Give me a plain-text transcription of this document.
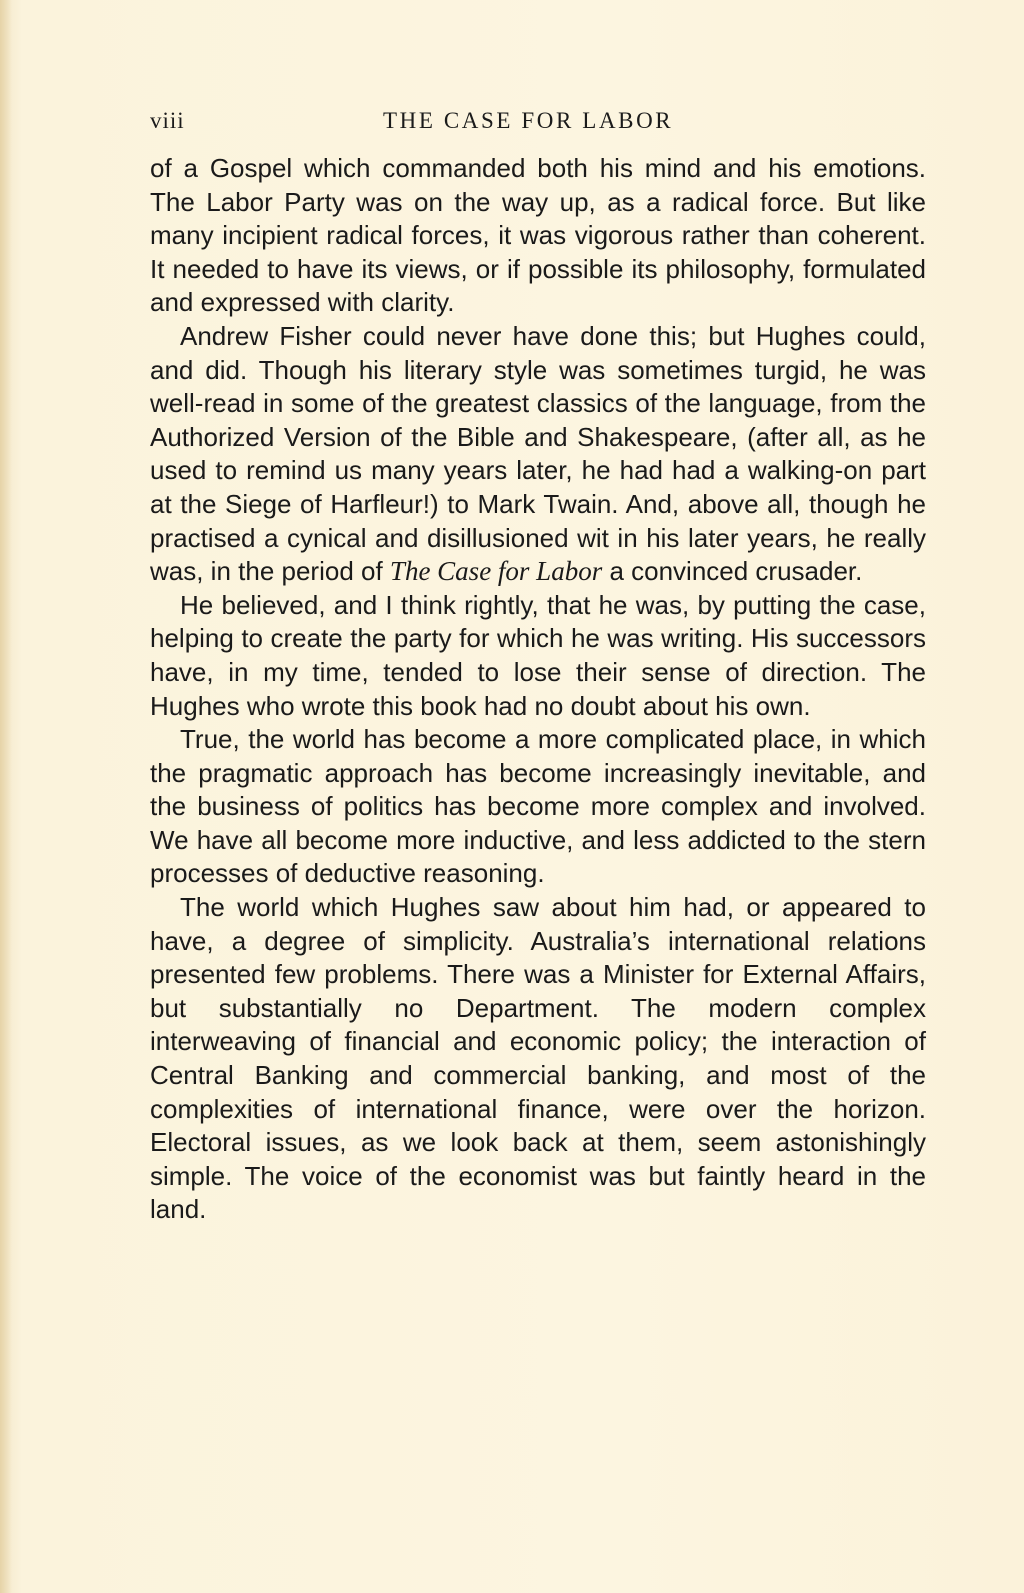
viii	THE CASE FOR LABOR

of a Gospel which commanded both his mind and his emotions. The Labor Party was on the way up, as a radical force. But like many incipient radical forces, it was vigorous rather than coherent. It needed to have its views, or if possible its philosophy, formulated and expressed with clarity.

Andrew Fisher could never have done this; but Hughes could, and did. Though his literary style was sometimes turgid, he was well-read in some of the greatest classics of the language, from the Authorized Version of the Bible and Shakespeare, (after all, as he used to remind us many years later, he had had a walking-on part at the Siege of Harfleur!) to Mark Twain. And, above all, though he practised a cynical and disillusioned wit in his later years, he really was, in the period of The Case for Labor a convinced crusader.

He believed, and I think rightly, that he was, by putting the case, helping to create the party for which he was writing. His successors have, in my time, tended to lose their sense of direction. The Hughes who wrote this book had no doubt about his own.

True, the world has become a more complicated place, in which the pragmatic approach has become increasingly inevitable, and the business of politics has become more complex and involved. We have all become more inductive, and less addicted to the stern processes of deductive reasoning.

The world which Hughes saw about him had, or appeared to have, a degree of simplicity. Australia’s international relations presented few problems. There was a Minister for External Affairs, but substantially no Department. The modern complex interweaving of financial and economic policy; the interaction of Central Banking and commercial banking, and most of the complexities of international finance, were over the horizon. Electoral issues, as we look back at them, seem astonishingly simple. The voice of the economist was but faintly heard in the land.
